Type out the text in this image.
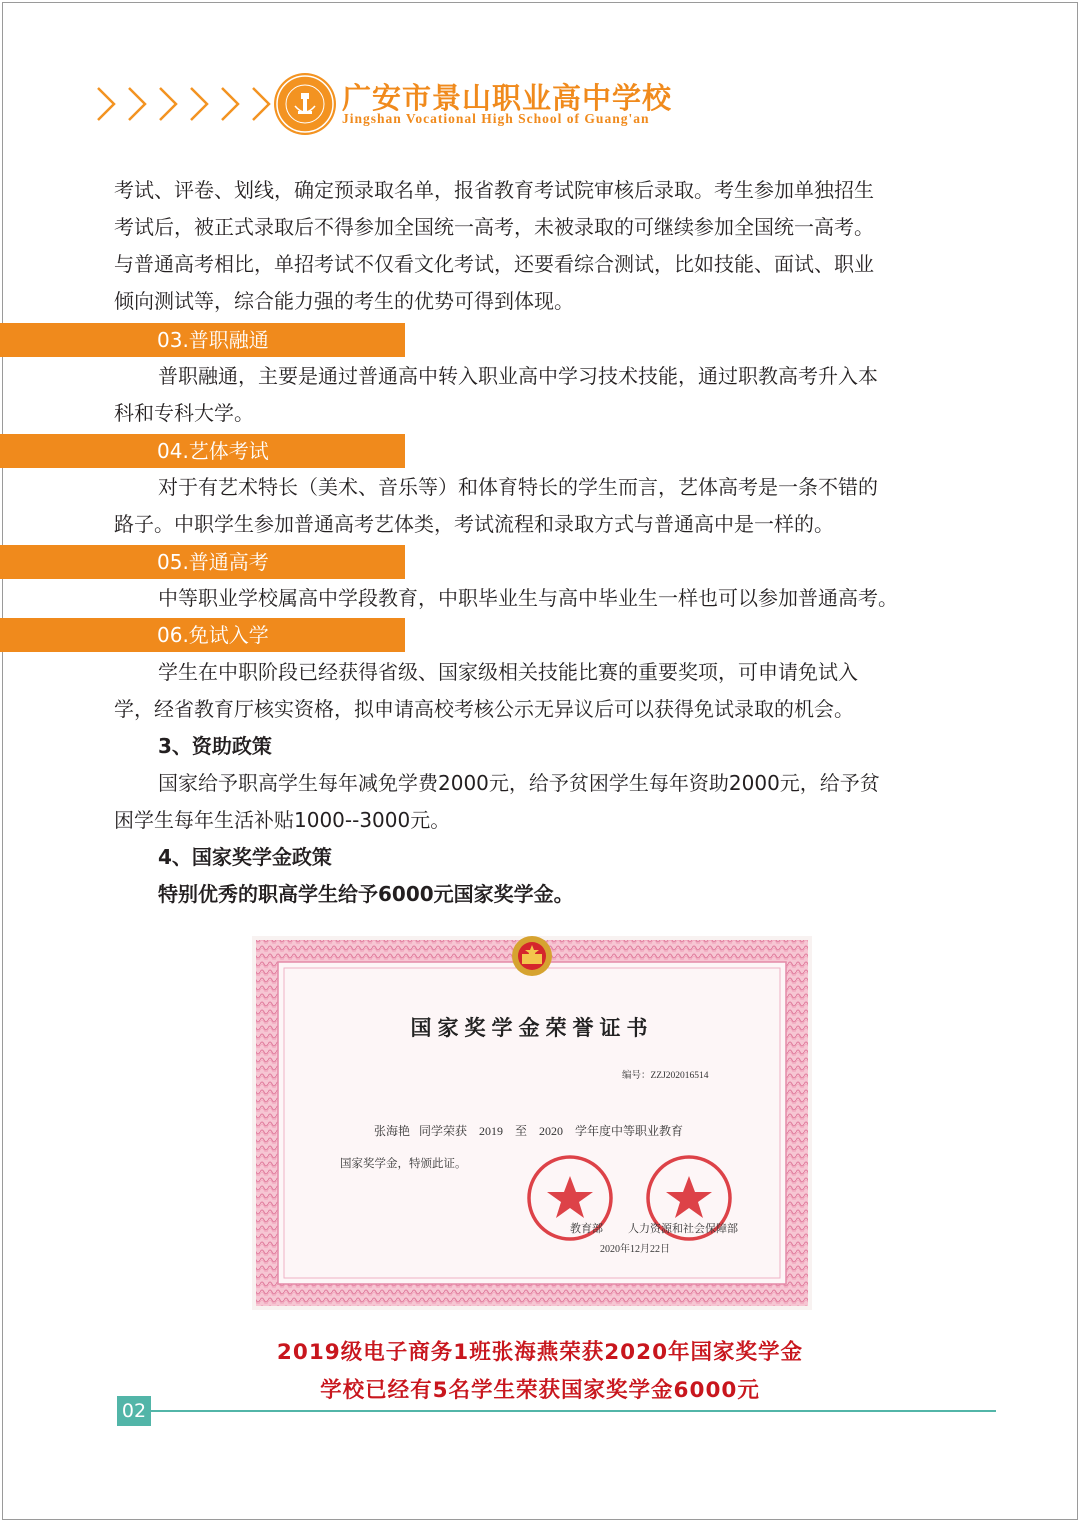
广安市景山职业高中学校
Jingshan Vocational High School of Guang'an
考试、评卷、划线，确定预录取名单，报省教育考试院审核后录取。考生参加单独招生
考试后，被正式录取后不得参加全国统一高考，未被录取的可继续参加全国统一高考。
与普通高考相比，单招考试不仅看文化考试，还要看综合测试，比如技能、面试、职业
倾向测试等，综合能力强的考生的优势可得到体现。
03.普职融通
普职融通，主要是通过普通高中转入职业高中学习技术技能，通过职教高考升入本
科和专科大学。
04.艺体考试
对于有艺术特长（美术、音乐等）和体育特长的学生而言，艺体高考是一条不错的
路子。中职学生参加普通高考艺体类，考试流程和录取方式与普通高中是一样的。
05.普通高考
中等职业学校属高中学段教育，中职毕业生与高中毕业生一样也可以参加普通高考。
06.免试入学
学生在中职阶段已经获得省级、国家级相关技能比赛的重要奖项，可申请免试入
学，经省教育厅核实资格，拟申请高校考核公示无异议后可以获得免试录取的机会。
3、资助政策
国家给予职高学生每年减免学费2000元，给予贫困学生每年资助2000元，给予贫
困学生每年生活补贴1000--3000元。
4、国家奖学金政策
特别优秀的职高学生给予6000元国家奖学金。
国家奖学金荣誉证书
编号：ZZJ202016514
张海艳   同学荣获    2019    至    2020    学年度中等职业教育
国家奖学金，特颁此证。
教育部 人力资源和社会保障部
2020年12月22日
2019级电子商务1班张海燕荣获2020年国家奖学金
学校已经有5名学生荣获国家奖学金6000元
02
